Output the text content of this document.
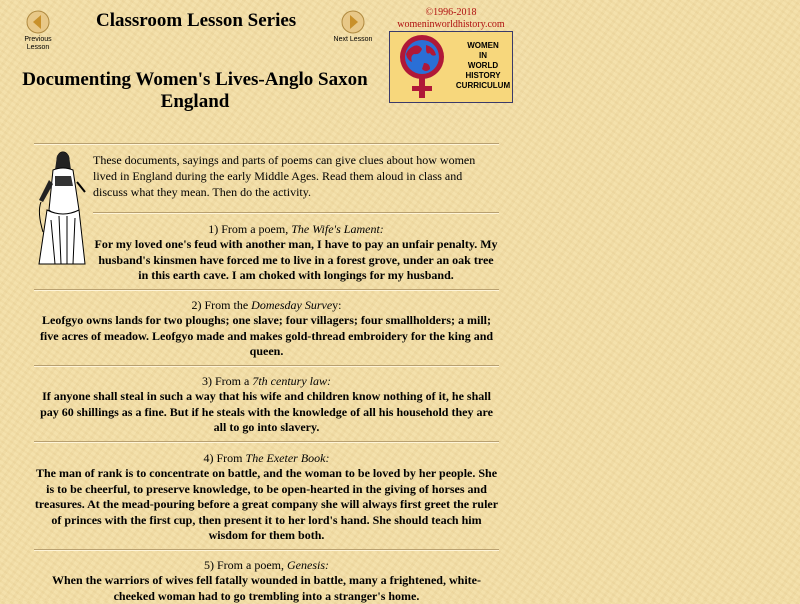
Previous Lesson
Next Lesson
Classroom Lesson Series
Documenting Women's Lives-Anglo Saxon England
©1996-2018
womeninworldhistory.com
WOMEN
IN
WORLD
HISTORY
CURRICULUM
These documents, sayings and parts of poems can give clues about how women lived in England during the early Middle Ages. Read them aloud in class and discuss what they mean. Then do the activity.
1) From a poem, The Wife's Lament:
For my loved one's feud with another man, I have to pay an unfair penalty. My husband's kinsmen have forced me to live in a forest grove, under an oak tree in this earth cave. I am choked with longings for my husband.
2) From the Domesday Survey:
Leofgyo owns lands for two ploughs; one slave; four villagers; four smallholders; a mill; five acres of meadow. Leofgyo made and makes gold-thread embroidery for the king and queen.
3) From a 7th century law:
If anyone shall steal in such a way that his wife and children know nothing of it, he shall pay 60 shillings as a fine. But if he steals with the knowledge of all his household they are all to go into slavery.
4) From The Exeter Book:
The man of rank is to concentrate on battle, and the woman to be loved by her people. She is to be cheerful, to preserve knowledge, to be open-hearted in the giving of horses and treasures. At the mead-pouring before a great company she will always first greet the ruler of princes with the first cup, then present it to her lord's hand. She should teach him wisdom for them both.
5) From a poem, Genesis:
When the warriors of wives fell fatally wounded in battle, many a frightened, white-cheeked woman had to go trembling into a stranger's home.
